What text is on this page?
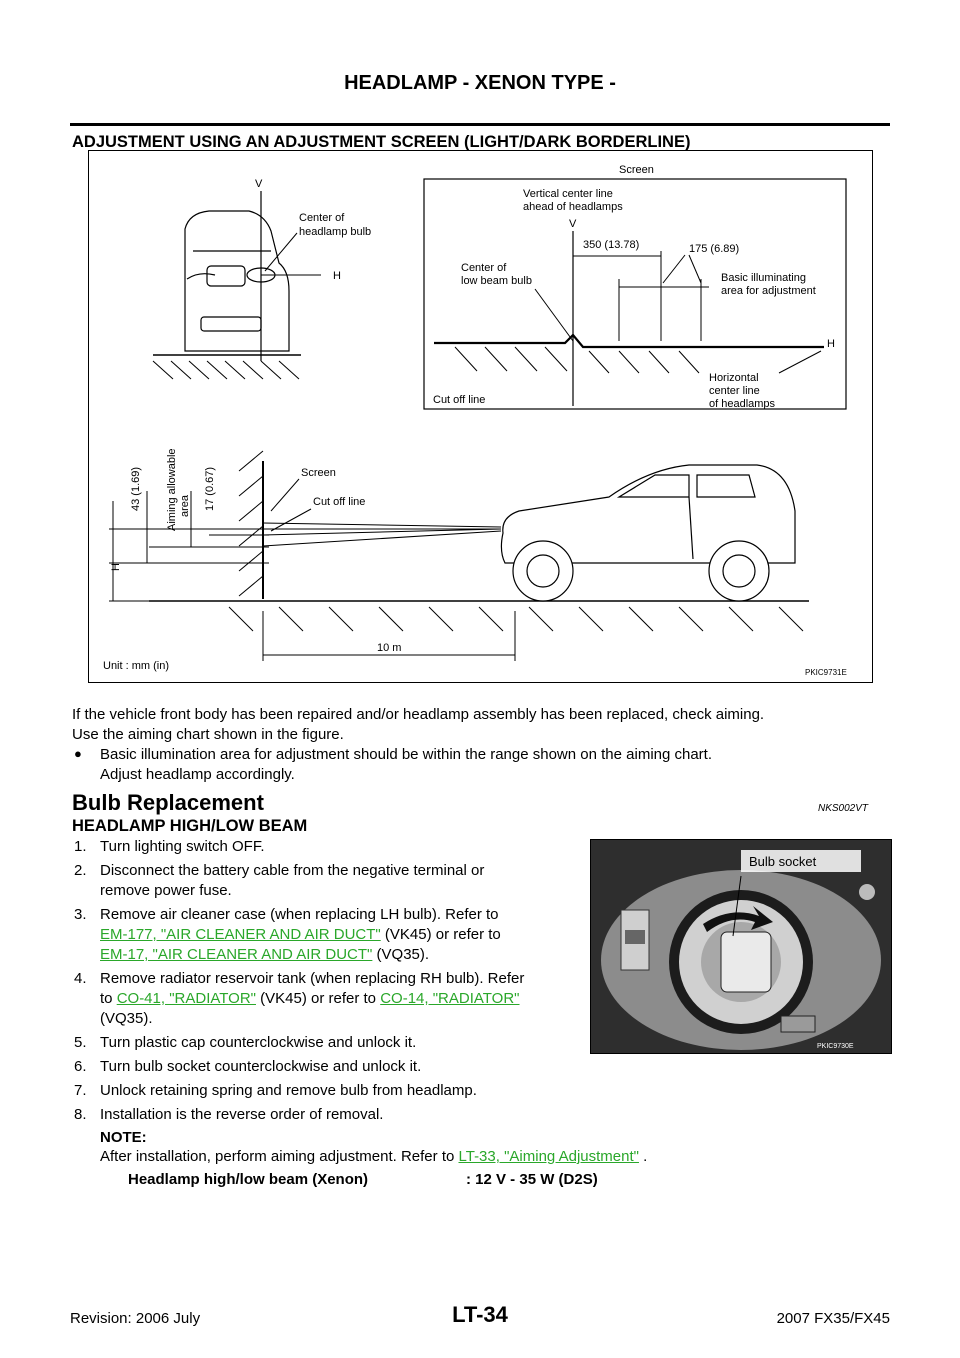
HEADLAMP - XENON TYPE -
ADJUSTMENT USING AN ADJUSTMENT SCREEN (LIGHT/DARK BORDERLINE)
V
Center of
headlamp bulb
H
Screen
Vertical center line
ahead of headlamps
V
350 (13.78)	175 (6.89)
Center of
low beam bulb	Basic illuminating
area for adjustment
H
Cut off line
Horizontal
center line
of headlamps
43 (1.69) Aiming allowable area 17 (0.67)
H
Screen
Cut off line
10 m
Unit : mm (in)
PKIC9731E
If the vehicle front body has been repaired and/or headlamp assembly has been replaced, check aiming.
Use the aiming chart shown in the figure.
● Basic illumination area for adjustment should be within the range shown on the aiming chart.
Adjust headlamp accordingly.
Bulb Replacement	NKS002VT
HEADLAMP HIGH/LOW BEAM
1. Turn lighting switch OFF.
2. Disconnect the battery cable from the negative terminal or
remove power fuse.
3. Remove air cleaner case (when replacing LH bulb). Refer to
EM-177, "AIR CLEANER AND AIR DUCT" (VK45) or refer to
EM-17, "AIR CLEANER AND AIR DUCT" (VQ35).
4. Remove radiator reservoir tank (when replacing RH bulb). Refer
to CO-41, "RADIATOR" (VK45) or refer to CO-14, "RADIATOR"
(VQ35).
5. Turn plastic cap counterclockwise and unlock it.
6. Turn bulb socket counterclockwise and unlock it.
7. Unlock retaining spring and remove bulb from headlamp.
8. Installation is the reverse order of removal.
NOTE:
After installation, perform aiming adjustment. Refer to LT-33, "Aiming Adjustment" .
Bulb socket
PKIC9730E
Headlamp high/low beam (Xenon)	: 12 V - 35 W (D2S)
Revision: 2006 July	LT-34	2007 FX35/FX45
